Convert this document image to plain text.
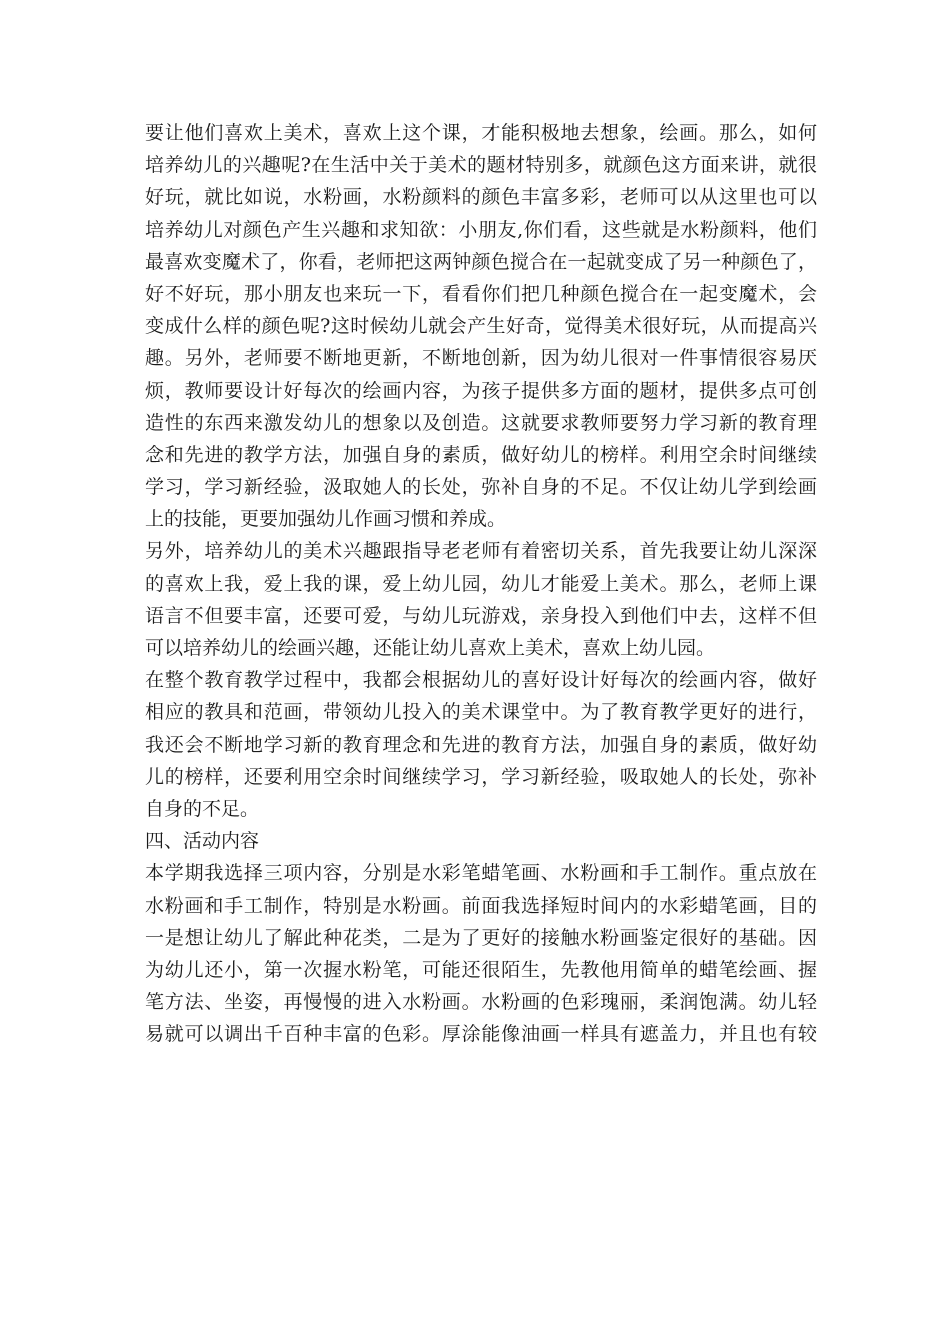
要让他们喜欢上美术，喜欢上这个课，才能积极地去想象，绘画。那么，如何
培养幼儿的兴趣呢?在生活中关于美术的题材特别多，就颜色这方面来讲，就很
好玩，就比如说，水粉画，水粉颜料的颜色丰富多彩，老师可以从这里也可以
培养幼儿对颜色产生兴趣和求知欲：小朋友,你们看，这些就是水粉颜料，他们
最喜欢变魔术了，你看，老师把这两钟颜色搅合在一起就变成了另一种颜色了，
好不好玩，那小朋友也来玩一下，看看你们把几种颜色搅合在一起变魔术，会
变成什么样的颜色呢?这时候幼儿就会产生好奇，觉得美术很好玩，从而提高兴
趣。另外，老师要不断地更新，不断地创新，因为幼儿很对一件事情很容易厌
烦，教师要设计好每次的绘画内容，为孩子提供多方面的题材，提供多点可创
造性的东西来激发幼儿的想象以及创造。这就要求教师要努力学习新的教育理
念和先进的教学方法，加强自身的素质，做好幼儿的榜样。利用空余时间继续
学习，学习新经验，汲取她人的长处，弥补自身的不足。不仅让幼儿学到绘画
上的技能，更要加强幼儿作画习惯和养成。
另外，培养幼儿的美术兴趣跟指导老老师有着密切关系，首先我要让幼儿深深
的喜欢上我，爱上我的课，爱上幼儿园，幼儿才能爱上美术。那么，老师上课
语言不但要丰富，还要可爱，与幼儿玩游戏，亲身投入到他们中去，这样不但
可以培养幼儿的绘画兴趣，还能让幼儿喜欢上美术，喜欢上幼儿园。
在整个教育教学过程中，我都会根据幼儿的喜好设计好每次的绘画内容，做好
相应的教具和范画，带领幼儿投入的美术课堂中。为了教育教学更好的进行，
我还会不断地学习新的教育理念和先进的教育方法，加强自身的素质，做好幼
儿的榜样，还要利用空余时间继续学习，学习新经验，吸取她人的长处，弥补
自身的不足。
四、活动内容
本学期我选择三项内容，分别是水彩笔蜡笔画、水粉画和手工制作。重点放在
水粉画和手工制作，特别是水粉画。前面我选择短时间内的水彩蜡笔画，目的
一是想让幼儿了解此种花类，二是为了更好的接触水粉画鉴定很好的基础。因
为幼儿还小，第一次握水粉笔，可能还很陌生，先教他用简单的蜡笔绘画、握
笔方法、坐姿，再慢慢的进入水粉画。水粉画的色彩瑰丽，柔润饱满。幼儿轻
易就可以调出千百种丰富的色彩。厚涂能像油画一样具有遮盖力，并且也有较
